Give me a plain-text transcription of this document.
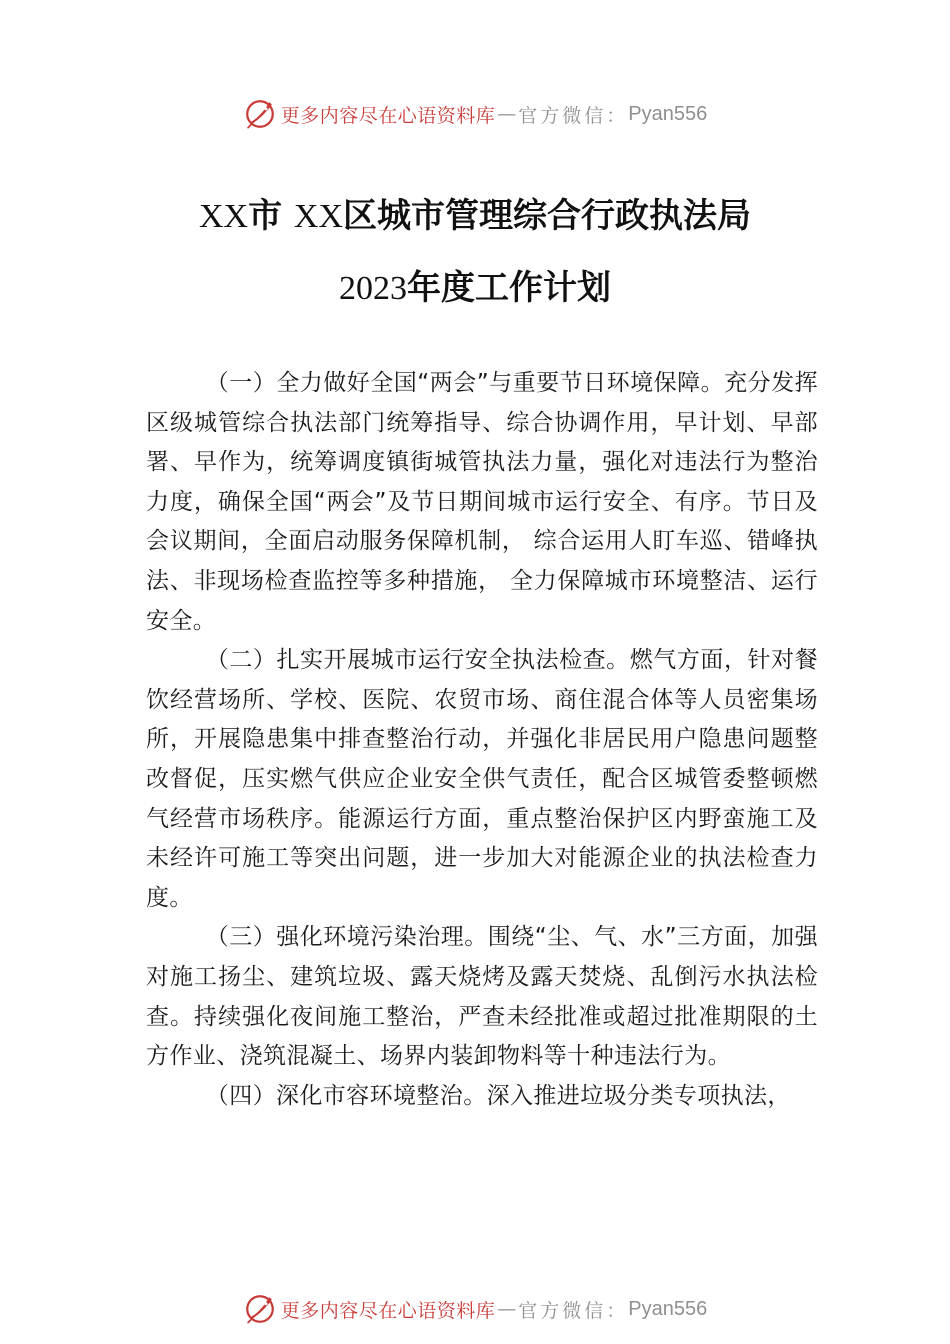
更多内容尽在心语资料库 — 官方微信： Pyan556
XX市 XX区城市管理综合行政执法局
2023年度工作计划

（一）全力做好全国“两会”与重要节日环境保障。充分发挥区级城管综合执法部门统筹指导、综合协调作用，早计划、早部署、早作为，统筹调度镇街城管执法力量，强化对违法行为整治力度，确保全国“两会”及节日期间城市运行安全、有序。节日及会议期间，全面启动服务保障机制， 综合运用人盯车巡、错峰执法、非现场检查监控等多种措施， 全力保障城市环境整洁、运行安全。

（二）扎实开展城市运行安全执法检查。燃气方面，针对餐饮经营场所、学校、医院、农贸市场、商住混合体等人员密集场所，开展隐患集中排查整治行动，并强化非居民用户隐患问题整改督促，压实燃气供应企业安全供气责任，配合区城管委整顿燃气经营市场秩序。能源运行方面，重点整治保护区内野蛮施工及未经许可施工等突出问题，进一步加大对能源企业的执法检查力度。

（三）强化环境污染治理。围绕“尘、气、水”三方面，加强对施工扬尘、建筑垃圾、露天烧烤及露天焚烧、乱倒污水执法检查。持续强化夜间施工整治，严查未经批准或超过批准期限的土方作业、浇筑混凝土、场界内装卸物料等十种违法行为。

（四）深化市容环境整治。深入推进垃圾分类专项执法，

更多内容尽在心语资料库 — 官方微信： Pyan556
